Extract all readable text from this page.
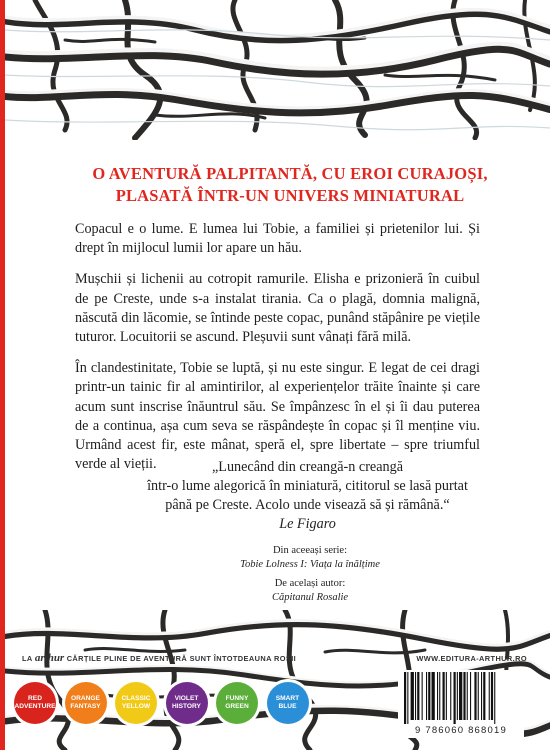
O AVENTURĂ PALPITANTĂ, CU EROI CURAJOȘI,
PLASATĂ ÎNTR-UN UNIVERS MINIATURAL

Copacul e o lume. E lumea lui Tobie, a familiei și prietenilor lui. Și drept în mijlocul lumii lor apare un hău.

Mușchii și lichenii au cotropit ramurile. Elisha e prizonieră în cuibul de pe Creste, unde s-a instalat tirania. Ca o plagă, domnia malignă, născută din lăcomie, se întinde peste copac, punând stăpânire pe viețile tuturor. Locuitorii se ascund. Pleșuvii sunt vânați fără milă.

În clandestinitate, Tobie se luptă, și nu este singur. E legat de cei dragi printr-un tainic fir al amintirilor, al experiențelor trăite înainte și care acum sunt inscrise înăuntrul său. Se împânzesc în el și îi dau puterea de a continua, așa cum seva se răspândește în copac și îl menține viu. Urmând acest fir, este mânat, speră el, spre libertate – spre triumful verde al vieții.	„Lunecând din creangă-n creangă
într-o lume alegorică în miniatură, cititorul se lasă purtat
până pe Creste. Acolo unde visează să și rămână.“
Le Figaro
Din aceeași serie:
Tobie Lolness I: Viața la înălțime
De același autor:
Căpitanul Rosalie
LA arthur CĂRȚILE PLINE DE AVENTURĂ SUNT ÎNTOTDEAUNA ROȘII	WWW.EDITURA-ARTHUR.RO
RED
ADVENTURE
ORANGE
FANTASY
CLASSIC
YELLOW
VIOLET
HISTORY
FUNNY
GREEN
SMART
BLUE
9 786060 868019
